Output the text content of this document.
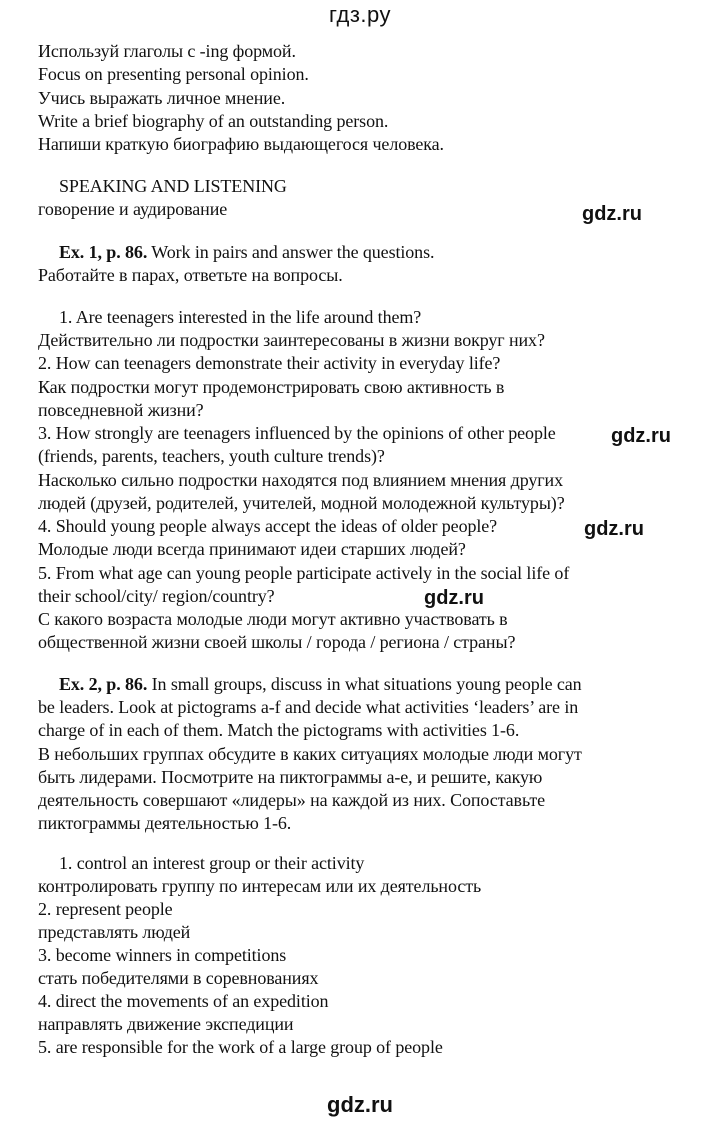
гдз.ру
Используй глаголы с -ing формой.
Focus on presenting personal opinion.
Учись выражать личное мнение.
Write a brief biography of an outstanding person.
Напиши краткую биографию выдающегося человека.
SPEAKING AND LISTENING
говорение и аудирование	gdz.ru
Ex. 1, p. 86. Work in pairs and answer the questions.
Работайте в парах, ответьте на вопросы.
1. Are teenagers interested in the life around them?
Действительно ли подростки заинтересованы в жизни вокруг них?
2. How can teenagers demonstrate their activity in everyday life?
Как подростки могут продемонстрировать свою активность в
повседневной жизни?
3. How strongly are teenagers influenced by the opinions of other people	gdz.ru
(friends, parents, teachers, youth culture trends)?
Насколько сильно подростки находятся под влиянием мнения других
людей (друзей, родителей, учителей, модной молодежной культуры)?
4. Should young people always accept the ideas of older people?	gdz.ru
Молодые люди всегда принимают идеи старших людей?
5. From what age can young people participate actively in the social life of
their school/city/ region/country?	gdz.ru
С какого возраста молодые люди могут активно участвовать в
общественной жизни своей школы / города / региона / страны?
Ex. 2, p. 86. In small groups, discuss in what situations young people can
be leaders. Look at pictograms a-f and decide what activities ‘leaders’ are in
charge of in each of them. Match the pictograms with activities 1-6.
В небольших группах обсудите в каких ситуациях молодые люди могут
быть лидерами. Посмотрите на пиктограммы а-е, и решите, какую
деятельность совершают «лидеры» на каждой из них. Сопоставьте
пиктограммы деятельностью 1-6.
1. control an interest group or their activity
контролировать группу по интересам или их деятельность
2. represent people
представлять людей
3. become winners in competitions
стать победителями в соревнованиях
4. direct the movements of an expedition
направлять движение экспедиции
5. are responsible for the work of a large group of people
gdz.ru
